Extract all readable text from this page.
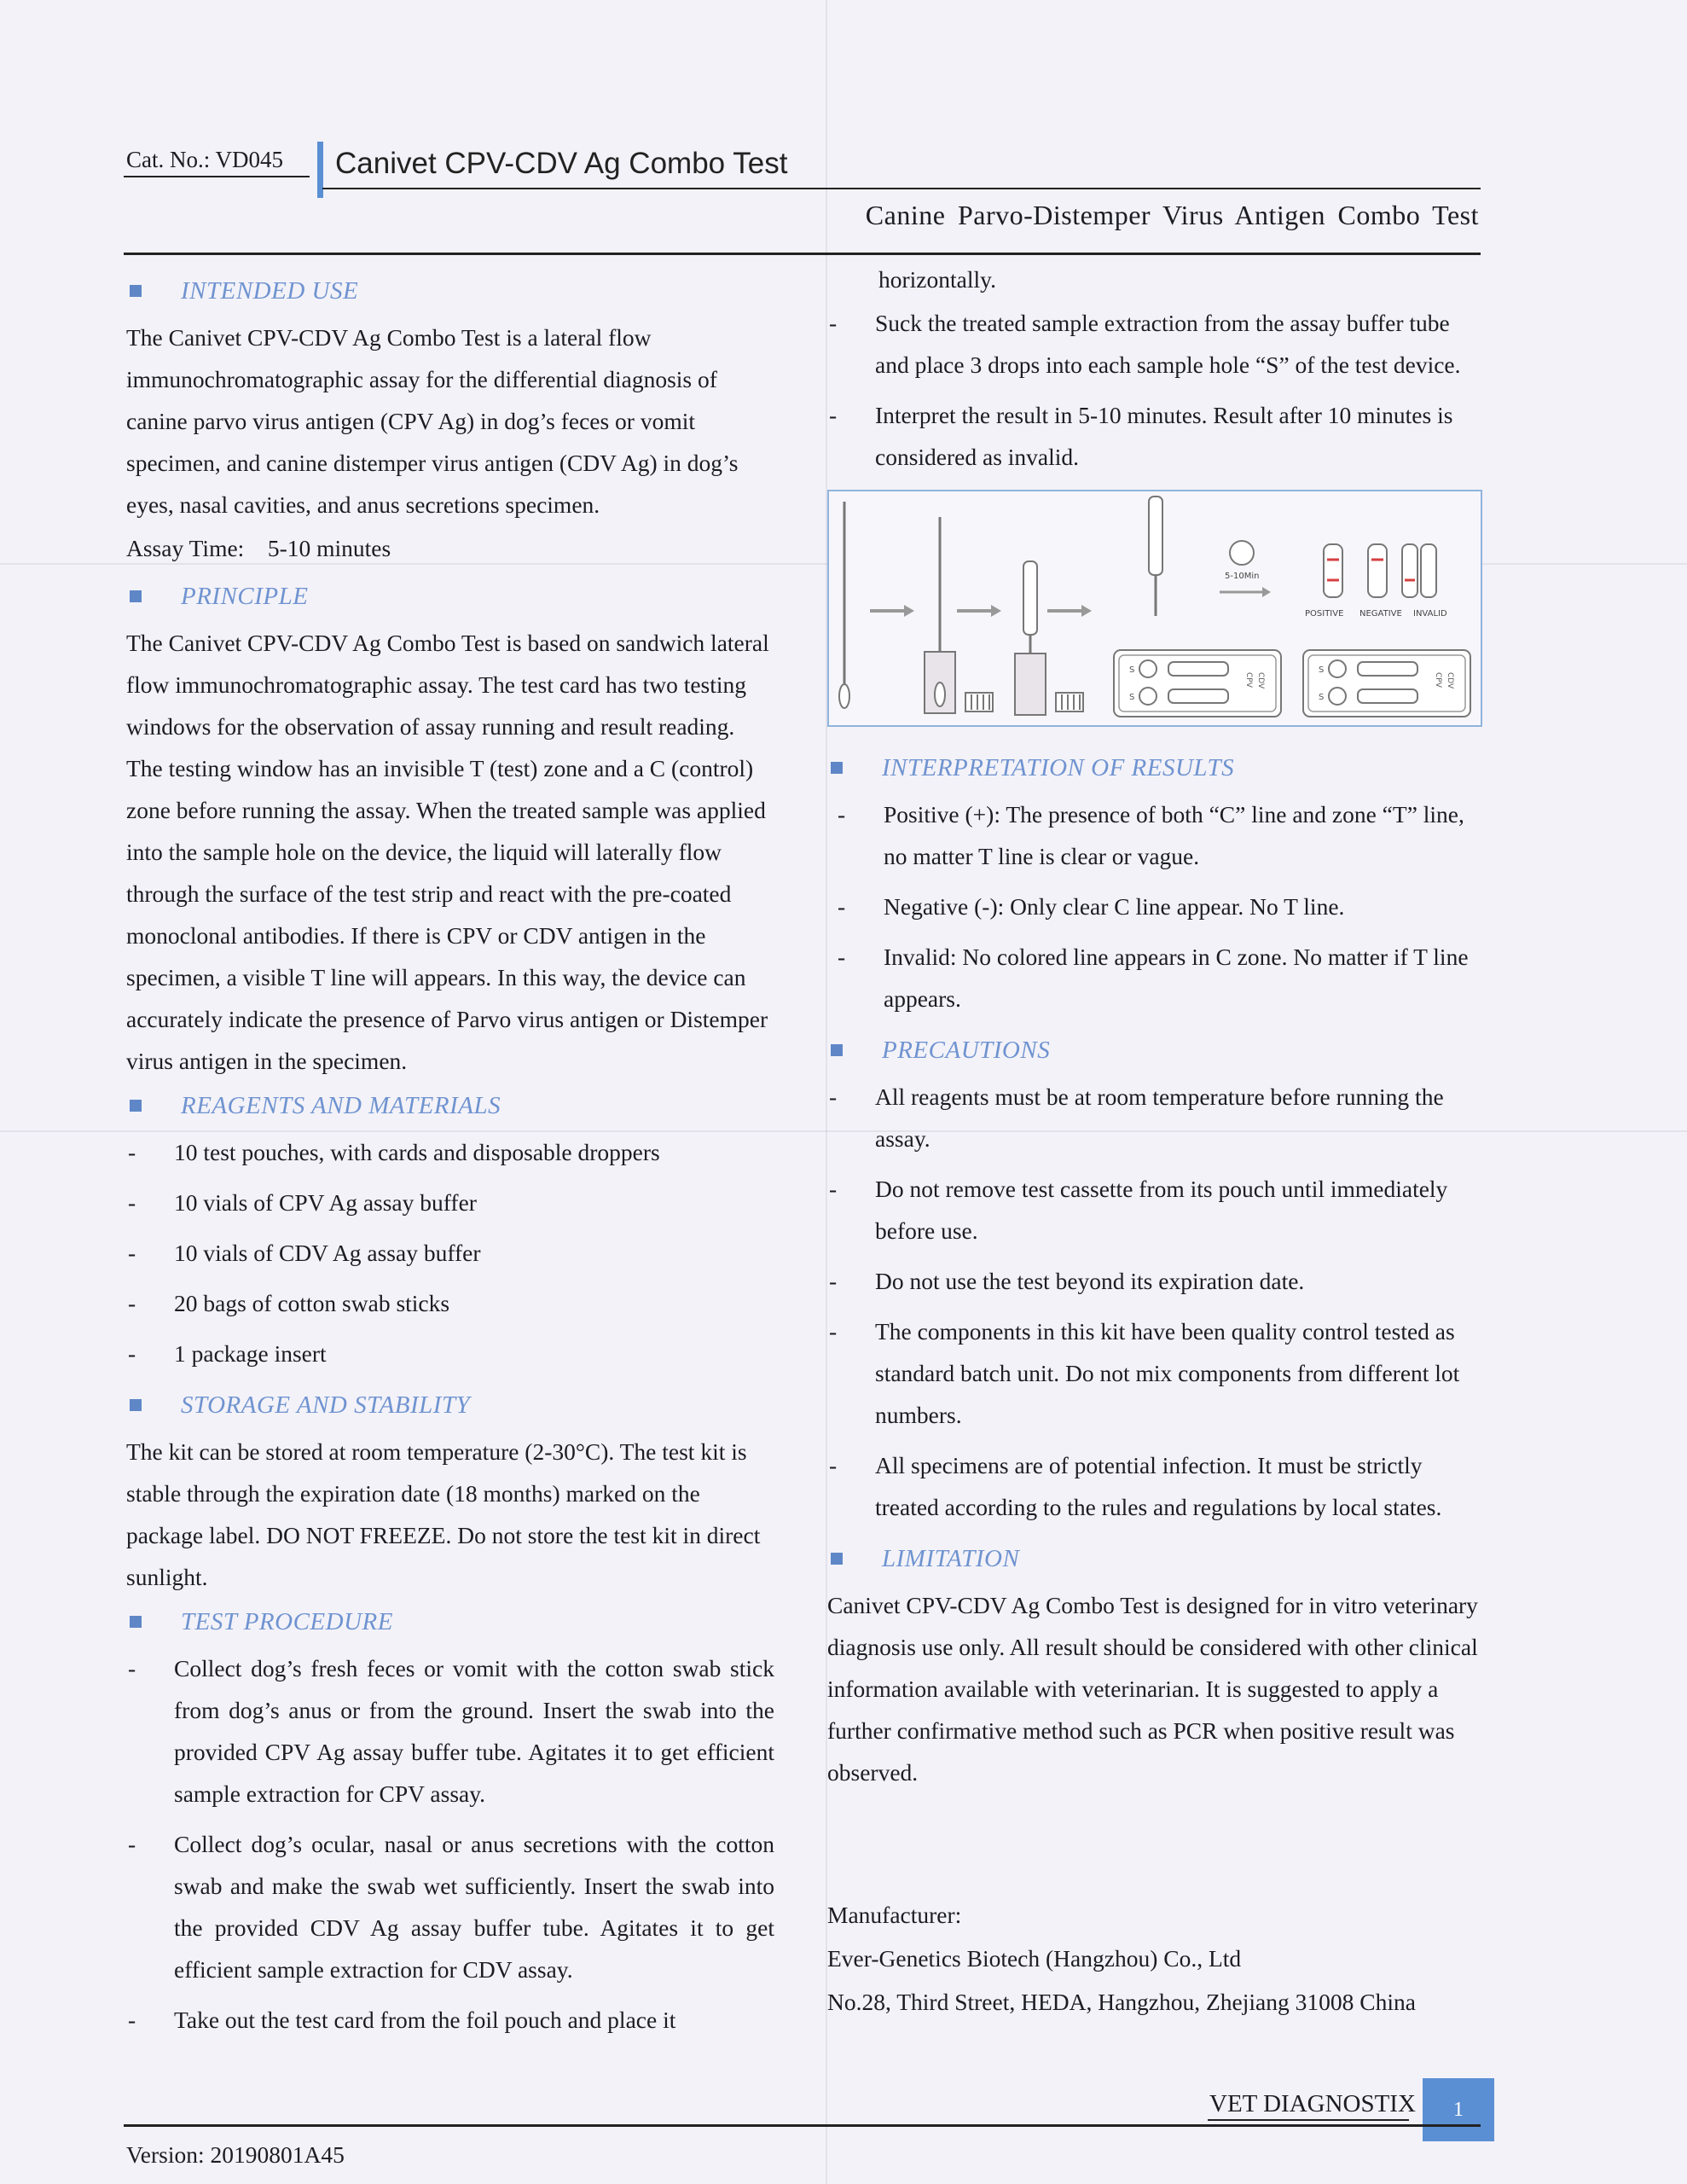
Cat. No.: VD045 Canivet CPV-CDV Ag Combo Test
Canine Parvo-Distemper Virus Antigen Combo Test
INTENDED USE

The Canivet CPV-CDV Ag Combo Test is a lateral flow immunochromatographic assay for the differential diagnosis of canine parvo virus antigen (CPV Ag) in dog’s feces or vomit specimen, and canine distemper virus antigen (CDV Ag) in dog’s eyes, nasal cavities, and anus secretions specimen.

Assay Time: 5-10 minutes

PRINCIPLE

The Canivet CPV-CDV Ag Combo Test is based on sandwich lateral flow immunochromatographic assay. The test card has two testing windows for the observation of assay running and result reading. The testing window has an invisible T (test) zone and a C (control) zone before running the assay. When the treated sample was applied into the sample hole on the device, the liquid will laterally flow through the surface of the test strip and react with the pre-coated monoclonal antibodies. If there is CPV or CDV antigen in the specimen, a visible T line will appears. In this way, the device can accurately indicate the presence of Parvo virus antigen or Distemper virus antigen in the specimen.

REAGENTS AND MATERIALS
- 10 test pouches, with cards and disposable droppers
- 10 vials of CPV Ag assay buffer
- 10 vials of CDV Ag assay buffer
- 20 bags of cotton swab sticks
- 1 package insert
STORAGE AND STABILITY

The kit can be stored at room temperature (2-30°C). The test kit is stable through the expiration date (18 months) marked on the package label. DO NOT FREEZE. Do not store the test kit in direct sunlight.

TEST PROCEDURE
- Collect dog’s fresh feces or vomit with the cotton swab stick from dog’s anus or from the ground. Insert the swab into the provided CPV Ag assay buffer tube. Agitates it to get efficient sample extraction for CPV assay.
- Collect dog’s ocular, nasal or anus secretions with the cotton swab and make the swab wet sufficiently. Insert the swab into the provided CDV Ag assay buffer tube. Agitates it to get efficient sample extraction for CDV assay.
- Take out the test card from the foil pouch and place it

horizontally.

- Suck the treated sample extraction from the assay buffer tube and place 3 drops into each sample hole “S” of the test device.
- Interpret the result in 5-10 minutes. Result after 10 minutes is considered as invalid.
S
S
CPV CDV
5-10Min
POSITIVE NEGATIVE INVALID
S
S
CPV CDV
INTERPRETATION OF RESULTS
- Positive (+): The presence of both “C” line and zone “T” line, no matter T line is clear or vague.
- Negative (-): Only clear C line appear. No T line.
- Invalid: No colored line appears in C zone. No matter if T line appears.
PRECAUTIONS
- All reagents must be at room temperature before running the assay.
- Do not remove test cassette from its pouch until immediately before use.
- Do not use the test beyond its expiration date.
- The components in this kit have been quality control tested as standard batch unit. Do not mix components from different lot numbers.
- All specimens are of potential infection. It must be strictly treated according to the rules and regulations by local states.
LIMITATION

Canivet CPV-CDV Ag Combo Test is designed for in vitro veterinary diagnosis use only. All result should be considered with other clinical information available with veterinarian. It is suggested to apply a further confirmative method such as PCR when positive result was observed.

Manufacturer:

Ever-Genetics Biotech (Hangzhou) Co., Ltd

No.28, Third Street, HEDA, Hangzhou, Zhejiang 31008 China

VET DIAGNOSTIX	1
Version: 20190801A45
